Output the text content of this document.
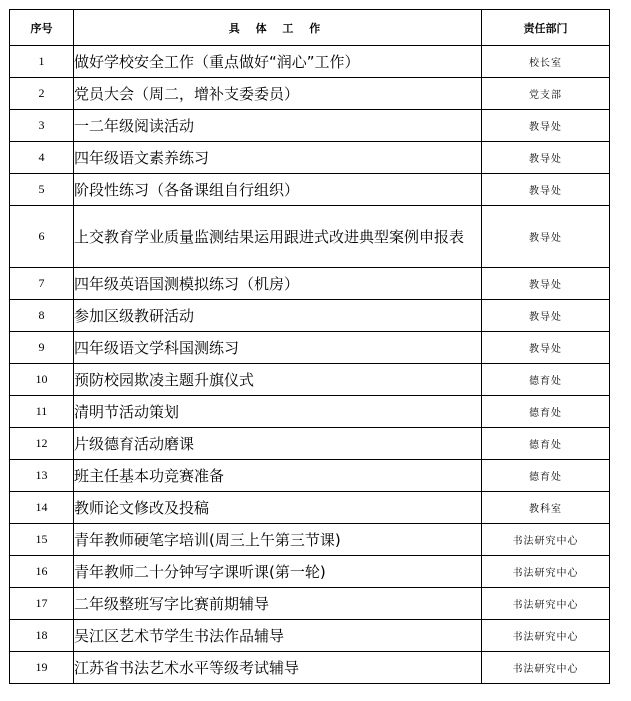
序号	具 体 工 作	责任部门
1	做好学校安全工作（重点做好“润心”工作）	校长室
2	党员大会（周二，增补支委委员）	党支部
3	一二年级阅读活动	教导处
4	四年级语文素养练习	教导处
5	阶段性练习（各备课组自行组织）	教导处
6	上交教育学业质量监测结果运用跟进式改进典型案例申报表	教导处
7	四年级英语国测模拟练习（机房）	教导处
8	参加区级教研活动	教导处
9	四年级语文学科国测练习	教导处
10	预防校园欺凌主题升旗仪式	德育处
11	清明节活动策划	德育处
12	片级德育活动磨课	德育处
13	班主任基本功竞赛准备	德育处
14	教师论文修改及投稿	教科室
15	青年教师硬笔字培训(周三上午第三节课)	书法研究中心
16	青年教师二十分钟写字课听课(第一轮)	书法研究中心
17	二年级整班写字比赛前期辅导	书法研究中心
18	吴江区艺术节学生书法作品辅导	书法研究中心
19	江苏省书法艺术水平等级考试辅导	书法研究中心
